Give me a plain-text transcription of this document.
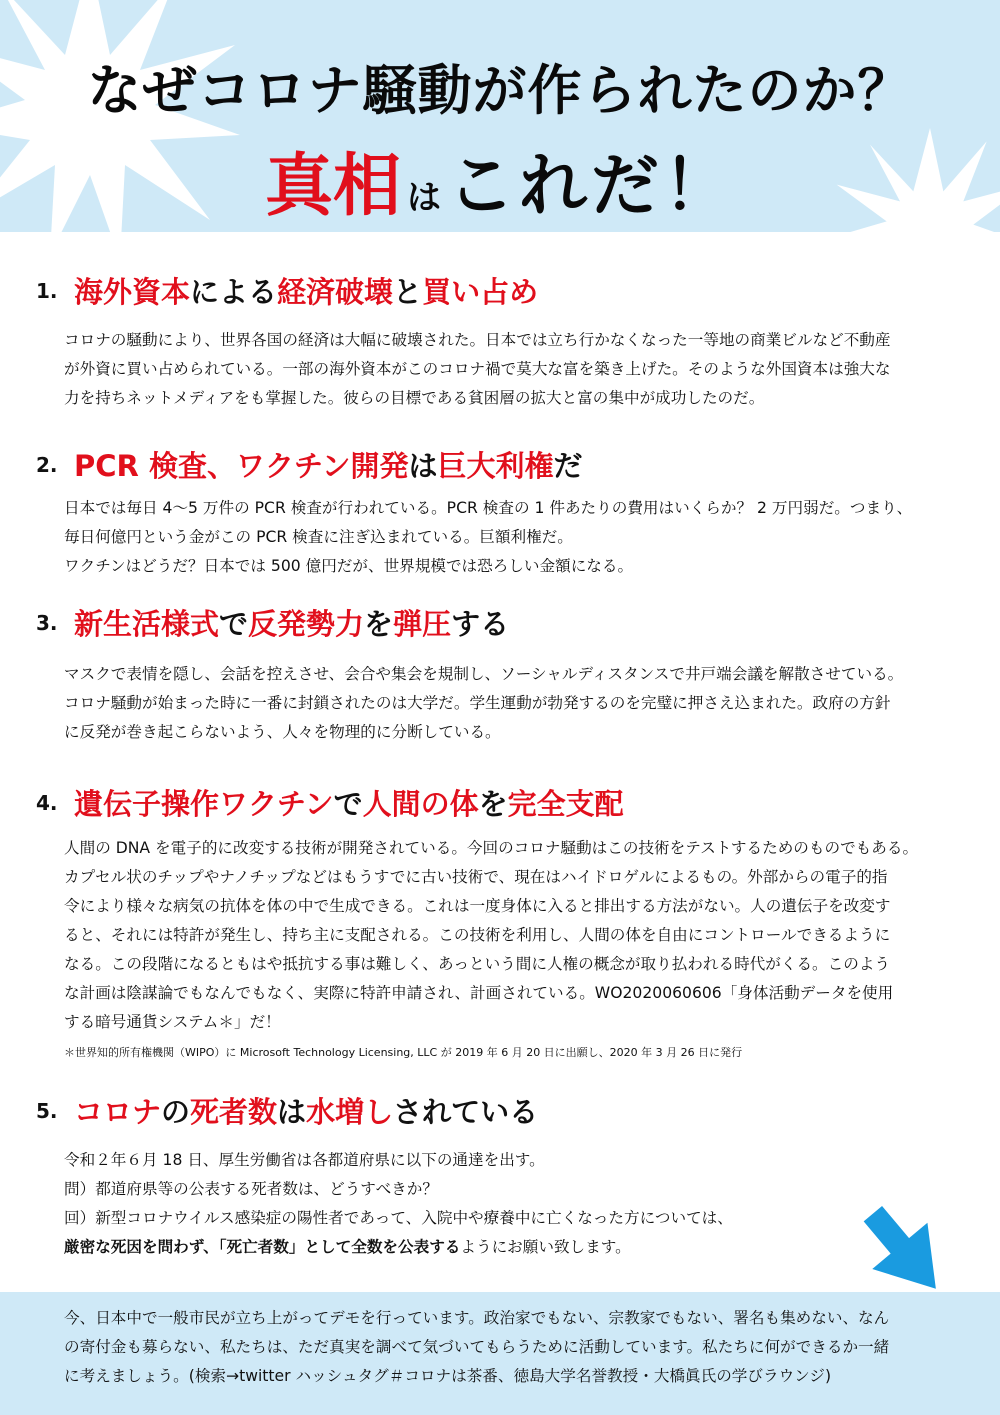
なぜコロナ騒動が作られたのか？
真相 はこれだ！
1. 海外資本による経済破壊と買い占め
コロナの騒動により、世界各国の経済は大幅に破壊された。日本では立ち行かなくなった一等地の商業ビルなど不動産
が外資に買い占められている。一部の海外資本がこのコロナ禍で莫大な富を築き上げた。そのような外国資本は強大な
力を持ちネットメディアをも掌握した。彼らの目標である貧困層の拡大と富の集中が成功したのだ。
2. PCR 検査、ワクチン開発は巨大利権だ
日本では毎日 4～5 万件の PCR 検査が行われている。PCR 検査の 1 件あたりの費用はいくらか？ 2 万円弱だ。つまり、
毎日何億円という金がこの PCR 検査に注ぎ込まれている。巨額利権だ。
ワクチンはどうだ？日本では 500 億円だが、世界規模では恐ろしい金額になる。
3. 新生活様式で反発勢力を弾圧する
マスクで表情を隠し、会話を控えさせ、会合や集会を規制し、ソーシャルディスタンスで井戸端会議を解散させている。
コロナ騒動が始まった時に一番に封鎖されたのは大学だ。学生運動が勃発するのを完璧に押さえ込まれた。政府の方針
に反発が巻き起こらないよう、人々を物理的に分断している。
4. 遺伝子操作ワクチンで人間の体を完全支配
人間の DNA を電子的に改変する技術が開発されている。今回のコロナ騒動はこの技術をテストするためのものでもある。
カプセル状のチップやナノチップなどはもうすでに古い技術で、現在はハイドロゲルによるもの。外部からの電子的指
令により様々な病気の抗体を体の中で生成できる。これは一度身体に入ると排出する方法がない。人の遺伝子を改変す
ると、それには特許が発生し、持ち主に支配される。この技術を利用し、人間の体を自由にコントロールできるように
なる。この段階になるともはや抵抗する事は難しく、あっという間に人権の概念が取り払われる時代がくる。このよう
な計画は陰謀論でもなんでもなく、実際に特許申請され、計画されている。WO2020060606「身体活動データを使用
する暗号通貨システム＊」だ！
＊世界知的所有権機関（WIPO）に Microsoft Technology Licensing, LLC が 2019 年 6 月 20 日に出願し、2020 年 3 月 26 日に発行
5. コロナの死者数は水増しされている
令和２年６月 18 日、厚生労働省は各都道府県に以下の通達を出す。
問）都道府県等の公表する死者数は、どうすべきか？
回）新型コロナウイルス感染症の陽性者であって、入院中や療養中に亡くなった方については、
厳密な死因を問わず、「死亡者数」として全数を公表するようにお願い致します。
今、日本中で一般市民が立ち上がってデモを行っています。政治家でもない、宗教家でもない、署名も集めない、なん
の寄付金も募らない、私たちは、ただ真実を調べて気づいてもらうために活動しています。私たちに何ができるか一緒
に考えましょう。(検索→twitter ハッシュタグ＃コロナは茶番、徳島大学名誉教授・大橋眞氏の学びラウンジ)
